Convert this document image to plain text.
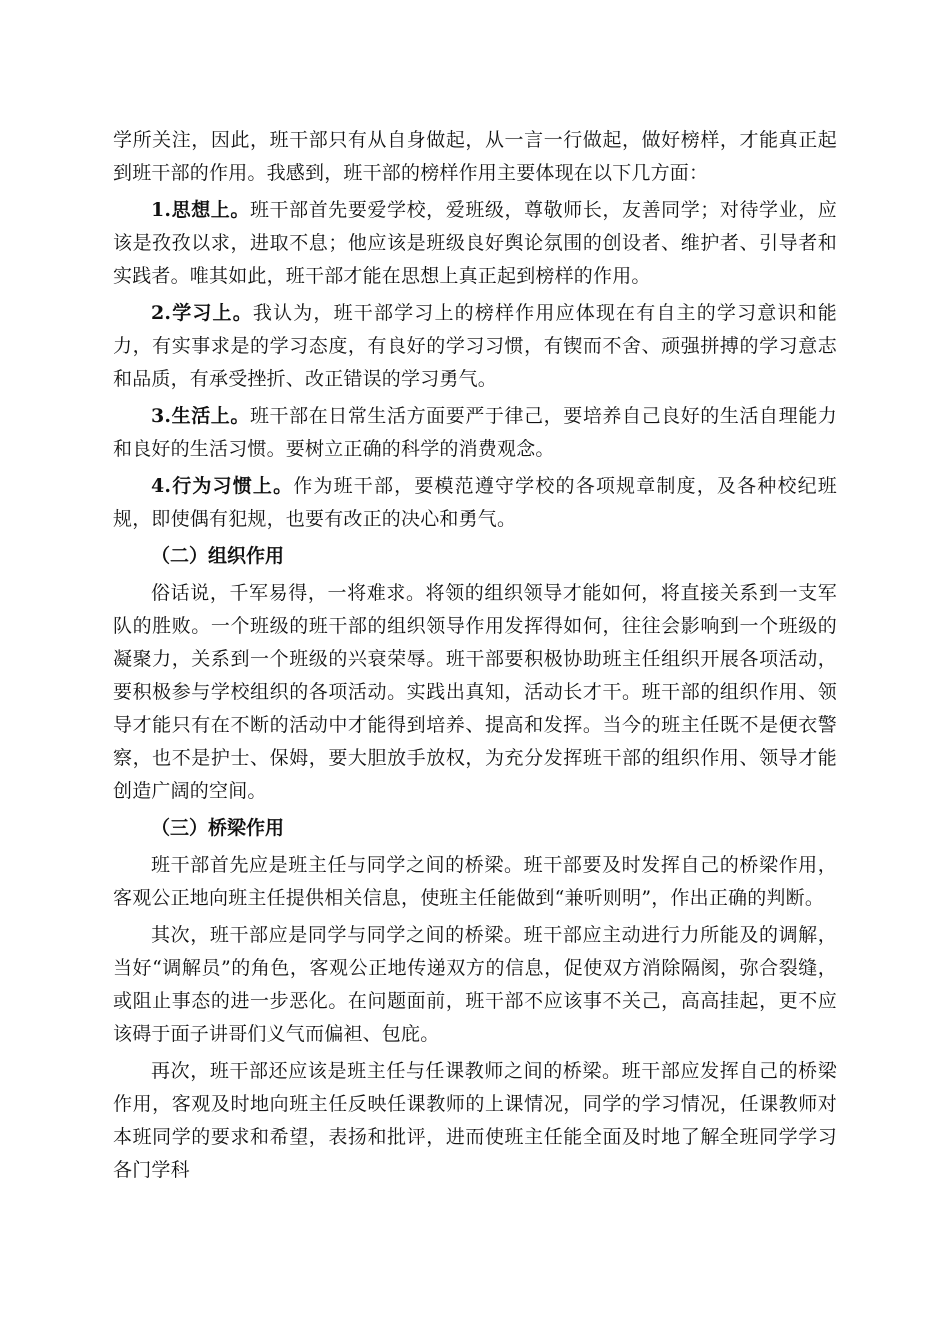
学所关注，因此，班干部只有从自身做起，从一言一行做起，做好榜样，才能真正起到班干部的作用。我感到，班干部的榜样作用主要体现在以下几方面：

1.思想上。班干部首先要爱学校，爱班级，尊敬师长，友善同学；对待学业，应该是孜孜以求，进取不息；他应该是班级良好舆论氛围的创设者、维护者、引导者和实践者。唯其如此，班干部才能在思想上真正起到榜样的作用。

2.学习上。我认为，班干部学习上的榜样作用应体现在有自主的学习意识和能力，有实事求是的学习态度，有良好的学习习惯，有锲而不舍、顽强拼搏的学习意志和品质，有承受挫折、改正错误的学习勇气。

3.生活上。班干部在日常生活方面要严于律己，要培养自己良好的生活自理能力和良好的生活习惯。要树立正确的科学的消费观念。

4.行为习惯上。作为班干部，要模范遵守学校的各项规章制度，及各种校纪班规，即使偶有犯规，也要有改正的决心和勇气。

（二）组织作用

俗话说，千军易得，一将难求。将领的组织领导才能如何，将直接关系到一支军队的胜败。一个班级的班干部的组织领导作用发挥得如何，往往会影响到一个班级的凝聚力，关系到一个班级的兴衰荣辱。班干部要积极协助班主任组织开展各项活动，要积极参与学校组织的各项活动。实践出真知，活动长才干。班干部的组织作用、领导才能只有在不断的活动中才能得到培养、提高和发挥。当今的班主任既不是便衣警察，也不是护士、保姆，要大胆放手放权，为充分发挥班干部的组织作用、领导才能创造广阔的空间。

（三）桥梁作用

班干部首先应是班主任与同学之间的桥梁。班干部要及时发挥自己的桥梁作用，客观公正地向班主任提供相关信息，使班主任能做到“兼听则明”，作出正确的判断。

其次，班干部应是同学与同学之间的桥梁。班干部应主动进行力所能及的调解，当好“调解员”的角色，客观公正地传递双方的信息，促使双方消除隔阂，弥合裂缝，或阻止事态的进一步恶化。在问题面前，班干部不应该事不关己，高高挂起，更不应该碍于面子讲哥们义气而偏袒、包庇。

再次，班干部还应该是班主任与任课教师之间的桥梁。班干部应发挥自己的桥梁作用，客观及时地向班主任反映任课教师的上课情况，同学的学习情况，任课教师对本班同学的要求和希望，表扬和批评，进而使班主任能全面及时地了解全班同学学习各门学科
